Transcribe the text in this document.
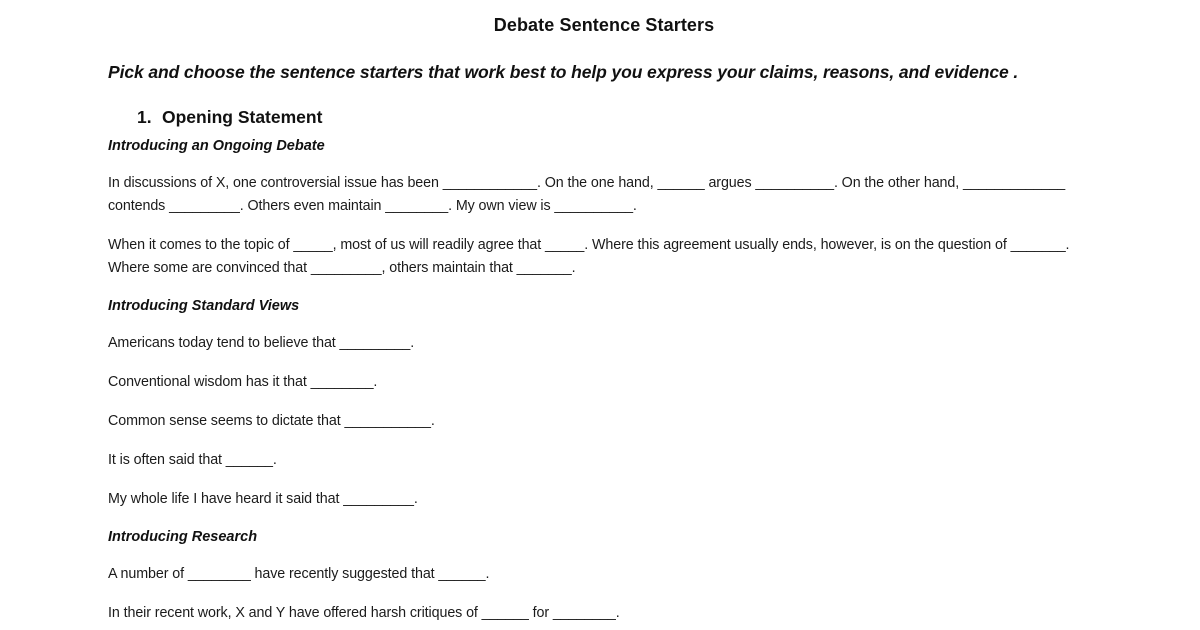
Debate Sentence Starters
Pick and choose the sentence starters that work best to help you express your claims, reasons, and evidence .
1. Opening Statement
Introducing an Ongoing Debate
In discussions of X, one controversial issue has been ____________. On the one hand, ______ argues __________. On the other hand, _____________ contends _________. Others even maintain ________. My own view is __________.
When it comes to the topic of _____, most of us will readily agree that _____. Where this agreement usually ends, however, is on the question of _______. Where some are convinced that _________, others maintain that _______.
Introducing Standard Views
Americans today tend to believe that _________.
Conventional wisdom has it that ________.
Common sense seems to dictate that ___________.
It is often said that ______.
My whole life I have heard it said that _________.
Introducing Research
A number of ________ have recently suggested that ______.
In their recent work, X and Y have offered harsh critiques of ______ for ________.
